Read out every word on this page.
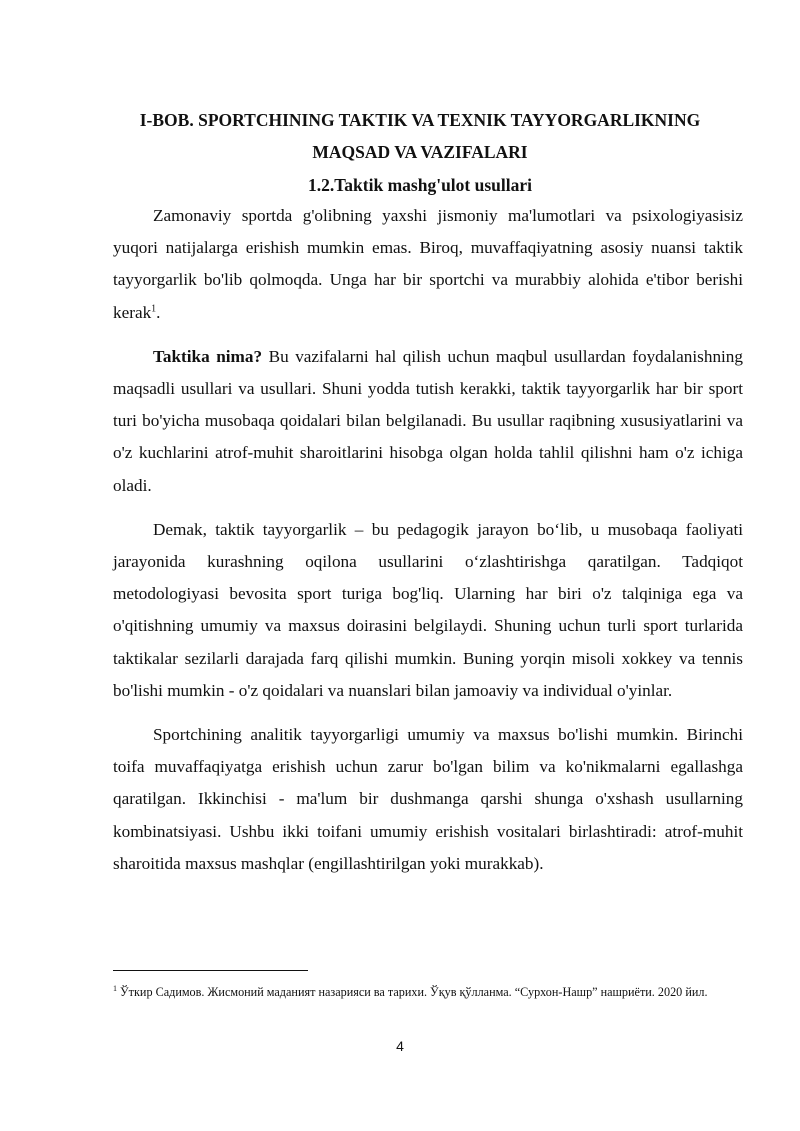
I-BOB. SPORTCHINING TAKTIK VA TEXNIK TAYYORGARLIKNING

MAQSAD VA VAZIFALARI

1.2.Taktik mashg'ulot usullari

Zamonaviy sportda g'olibning yaxshi jismoniy ma'lumotlari va psixologiyasisiz yuqori natijalarga erishish mumkin emas. Biroq, muvaffaqiyatning asosiy nuansi taktik tayyorgarlik bo'lib qolmoqda. Unga har bir sportchi va murabbiy alohida e'tibor berishi kerak$^1$.

Taktika nima? Bu vazifalarni hal qilish uchun maqbul usullardan foydalanishning maqsadli usullari va usullari. Shuni yodda tutish kerakki, taktik tayyorgarlik har bir sport turi bo'yicha musobaqa qoidalari bilan belgilanadi. Bu usullar raqibning xususiyatlarini va o'z kuchlarini atrof-muhit sharoitlarini hisobga olgan holda tahlil qilishni ham o'z ichiga oladi.

Demak, taktik tayyorgarlik – bu pedagogik jarayon bo‘lib, u musobaqa faoliyati jarayonida kurashning oqilona usullarini o‘zlashtirishga qaratilgan. Tadqiqot metodologiyasi bevosita sport turiga bog'liq. Ularning har biri o'z talqiniga ega va o'qitishning umumiy va maxsus doirasini belgilaydi. Shuning uchun turli sport turlarida taktikalar sezilarli darajada farq qilishi mumkin. Buning yorqin misoli xokkey va tennis bo'lishi mumkin - o'z qoidalari va nuanslari bilan jamoaviy va individual o'yinlar.

Sportchining analitik tayyorgarligi umumiy va maxsus bo'lishi mumkin. Birinchi toifa muvaffaqiyatga erishish uchun zarur bo'lgan bilim va ko'nikmalarni egallashga qaratilgan. Ikkinchisi - ma'lum bir dushmanga qarshi shunga o'xshash usullarning kombinatsiyasi. Ushbu ikki toifani umumiy erishish vositalari birlashtiradi: atrof-muhit sharoitida maxsus mashqlar (engillashtirilgan yoki murakkab).

$^1$ Ўткир Садимов. Жисмоний маданият назарияси ва тарихи. Ўқув қўлланма. “Сурхон-Нашр” нашриёти. 2020 йил.

4
